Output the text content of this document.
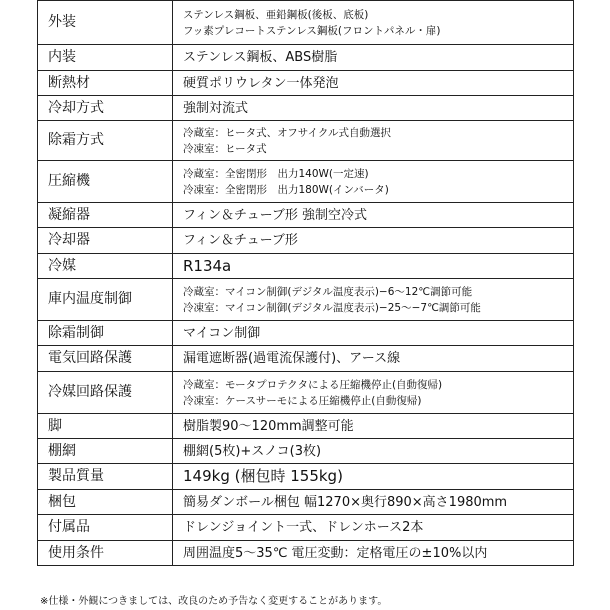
外装	ステンレス鋼板、亜鉛鋼板(後板、底板)
フッ素プレコートステンレス鋼板(フロントパネル・扉)

内装	ステンレス鋼板、ABS樹脂
断熱材	硬質ポリウレタン一体発泡
冷却方式	強制対流式
除霜方式	冷蔵室：ヒータ式、オフサイクル式自動選択
冷凍室：ヒータ式

圧縮機	冷蔵室：全密閉形　出力140W(一定速)
冷凍室：全密閉形　出力180W(インバータ)

凝縮器	フィン＆チューブ形 強制空冷式
冷却器	フィン＆チューブ形
冷媒	R134a
庫内温度制御	冷蔵室：マイコン制御(デジタル温度表示)−6〜12℃調節可能
冷凍室：マイコン制御(デジタル温度表示)−25〜−7℃調節可能

除霜制御	マイコン制御
電気回路保護	漏電遮断器(過電流保護付)、アース線
冷媒回路保護	冷蔵室：モータプロテクタによる圧縮機停止(自動復帰)
冷凍室：ケースサーモによる圧縮機停止(自動復帰)

脚	樹脂製90〜120mm調整可能
棚網	棚網(5枚)+スノコ(3枚)
製品質量	149kg (梱包時 155kg)
梱包	簡易ダンボール梱包 幅1270×奥行890×高さ1980mm
付属品	ドレンジョイント一式、ドレンホース2本
使用条件	周囲温度5〜35℃ 電圧変動：定格電圧の±10%以内
※仕様・外観につきましては、改良のため予告なく変更することがあります。
